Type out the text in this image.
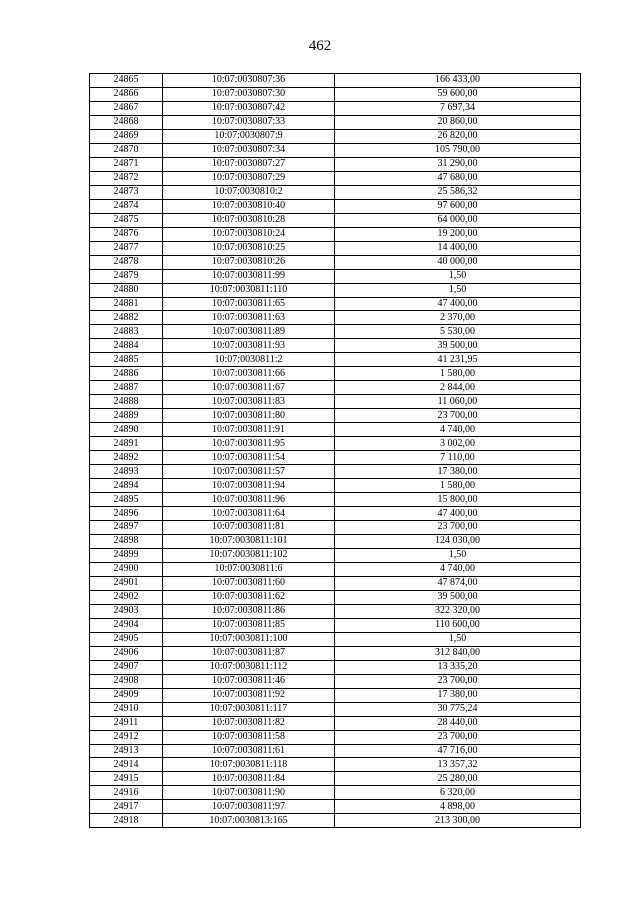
462
24865	10:07:0030807:36	166 433,00
24866	10:07:0030807:30	59 600,00
24867	10:07:0030807:42	7 697,34
24868	10:07:0030807:33	20 860,00
24869	10:07:0030807:9	26 820,00
24870	10:07:0030807:34	105 790,00
24871	10:07:0030807:27	31 290,00
24872	10:07:0030807:29	47 680,00
24873	10:07:0030810:2	25 586,32
24874	10:07:0030810:40	97 600,00
24875	10:07:0030810:28	64 000,00
24876	10:07:0030810:24	19 200,00
24877	10:07:0030810:25	14 400,00
24878	10:07:0030810:26	40 000,00
24879	10:07:0030811:99	1,50
24880	10:07:0030811:110	1,50
24881	10:07:0030811:65	47 400,00
24882	10:07:0030811:63	2 370,00
24883	10:07:0030811:89	5 530,00
24884	10:07:0030811:93	39 500,00
24885	10:07:0030811:2	41 231,95
24886	10:07:0030811:66	1 580,00
24887	10:07:0030811:67	2 844,00
24888	10:07:0030811:83	11 060,00
24889	10:07:0030811:80	23 700,00
24890	10:07:0030811:91	4 740,00
24891	10:07:0030811:95	3 002,00
24892	10:07:0030811:54	7 110,00
24893	10:07:0030811:57	17 380,00
24894	10:07:0030811:94	1 580,00
24895	10:07:0030811:96	15 800,00
24896	10:07:0030811:64	47 400,00
24897	10:07:0030811:81	23 700,00
24898	10:07:0030811:101	124 030,00
24899	10:07:0030811:102	1,50
24900	10:07:0030811:6	4 740,00
24901	10:07:0030811:60	47 874,00
24902	10:07:0030811:62	39 500,00
24903	10:07:0030811:86	322 320,00
24904	10:07:0030811:85	110 600,00
24905	10:07:0030811:100	1,50
24906	10:07:0030811:87	312 840,00
24907	10:07:0030811:112	13 335,20
24908	10:07:0030811:46	23 700,00
24909	10:07:0030811:92	17 380,00
24910	10:07:0030811:117	30 775,24
24911	10:07:0030811:82	28 440,00
24912	10:07:0030811:58	23 700,00
24913	10:07:0030811:61	47 716,00
24914	10:07:0030811:118	13 357,32
24915	10:07:0030811:84	25 280,00
24916	10:07:0030811:90	6 320,00
24917	10:07:0030811:97	4 898,00
24918	10:07:0030813:165	213 300,00
